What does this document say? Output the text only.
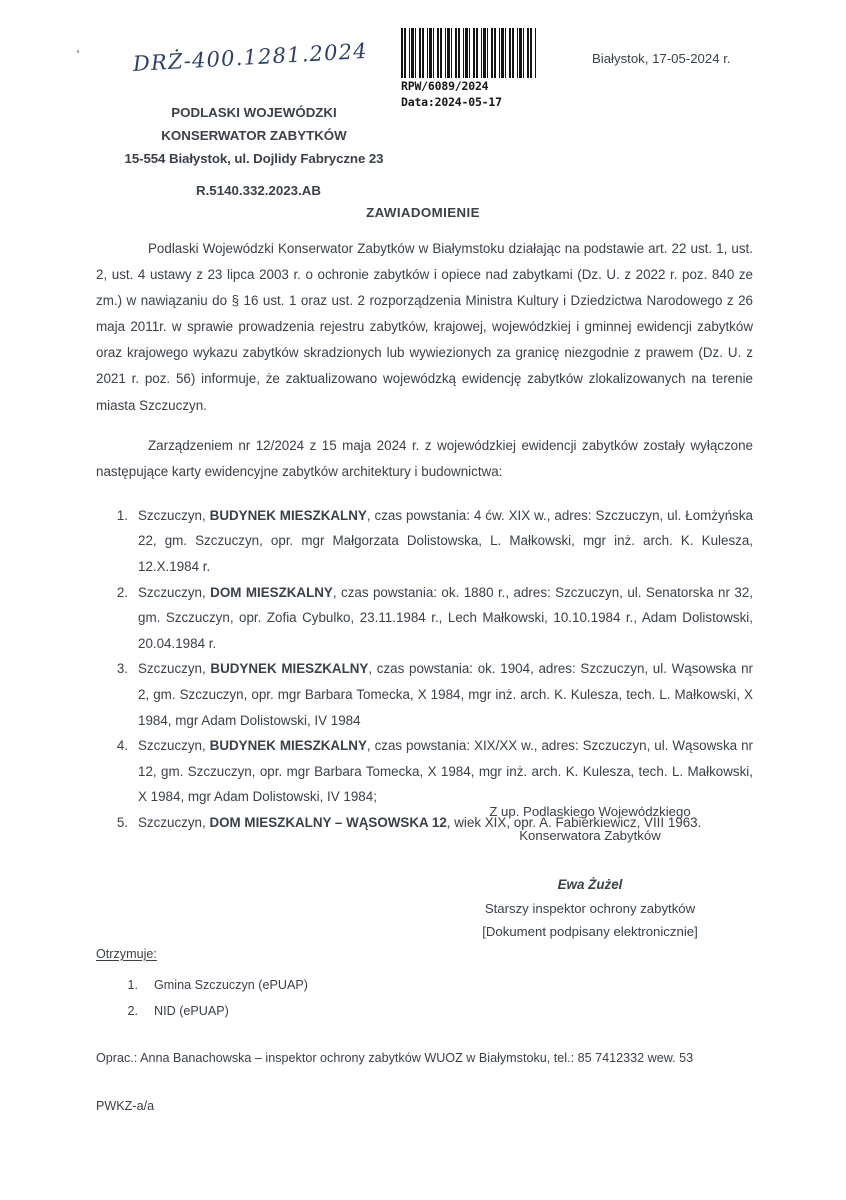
DRŻ-400.1281.2024
RPW/6089/2024
Data:2024-05-17
Białystok, 17-05-2024 r.
PODLASKI WOJEWÓDZKI
KONSERWATOR ZABYTKÓW
15-554 Białystok, ul. Dojlidy Fabryczne 23
R.5140.332.2023.AB
ZAWIADOMIENIE

Podlaski Wojewódzki Konserwator Zabytków w Białymstoku działając na podstawie art. 22 ust. 1, ust. 2, ust. 4 ustawy z 23 lipca 2003 r. o ochronie zabytków i opiece nad zabytkami (Dz. U. z 2022 r. poz. 840 ze zm.) w nawiązaniu do § 16 ust. 1 oraz ust. 2 rozporządzenia Ministra Kultury i Dziedzictwa Narodowego z 26 maja 2011r. w sprawie prowadzenia rejestru zabytków, krajowej, wojewódzkiej i gminnej ewidencji zabytków oraz krajowego wykazu zabytków skradzionych lub wywiezionych za granicę niezgodnie z prawem (Dz. U. z 2021 r. poz. 56) informuje, że zaktualizowano wojewódzką ewidencję zabytków zlokalizowanych na terenie miasta Szczuczyn.

Zarządzeniem nr 12/2024 z 15 maja 2024 r. z wojewódzkiej ewidencji zabytków zostały wyłączone następujące karty ewidencyjne zabytków architektury i budownictwa:

Szczuczyn, BUDYNEK MIESZKALNY, czas powstania: 4 ćw. XIX w., adres: Szczuczyn, ul. Łomżyńska 22, gm. Szczuczyn, opr. mgr Małgorzata Dolistowska, L. Małkowski, mgr inż. arch. K. Kulesza, 12.X.1984 r.
Szczuczyn, DOM MIESZKALNY, czas powstania: ok. 1880 r., adres: Szczuczyn, ul. Senatorska nr 32, gm. Szczuczyn, opr. Zofia Cybulko, 23.11.1984 r., Lech Małkowski, 10.10.1984 r., Adam Dolistowski, 20.04.1984 r.
Szczuczyn, BUDYNEK MIESZKALNY, czas powstania: ok. 1904, adres: Szczuczyn, ul. Wąsowska nr 2, gm. Szczuczyn, opr. mgr Barbara Tomecka, X 1984, mgr inż. arch. K. Kulesza, tech. L. Małkowski, X 1984, mgr Adam Dolistowski, IV 1984
Szczuczyn, BUDYNEK MIESZKALNY, czas powstania: XIX/XX w., adres: Szczuczyn, ul. Wąsowska nr 12, gm. Szczuczyn, opr. mgr Barbara Tomecka, X 1984, mgr inż. arch. K. Kulesza, tech. L. Małkowski, X 1984, mgr Adam Dolistowski, IV 1984;
Szczuczyn, DOM MIESZKALNY – WĄSOWSKA 12, wiek XIX, opr. A. Fabierkiewicz, VIII 1963.
Z up. Podlaskiego Wojewódzkiego
Konserwatora Zabytków
Ewa Żużel
Starszy inspektor ochrony zabytków
[Dokument podpisany elektronicznie]
Otrzymuje:
Gmina Szczuczyn (ePUAP)
NID (ePUAP)
Oprac.: Anna Banachowska – inspektor ochrony zabytków WUOZ w Białymstoku, tel.: 85 7412332 wew. 53
PWKZ-a/a
